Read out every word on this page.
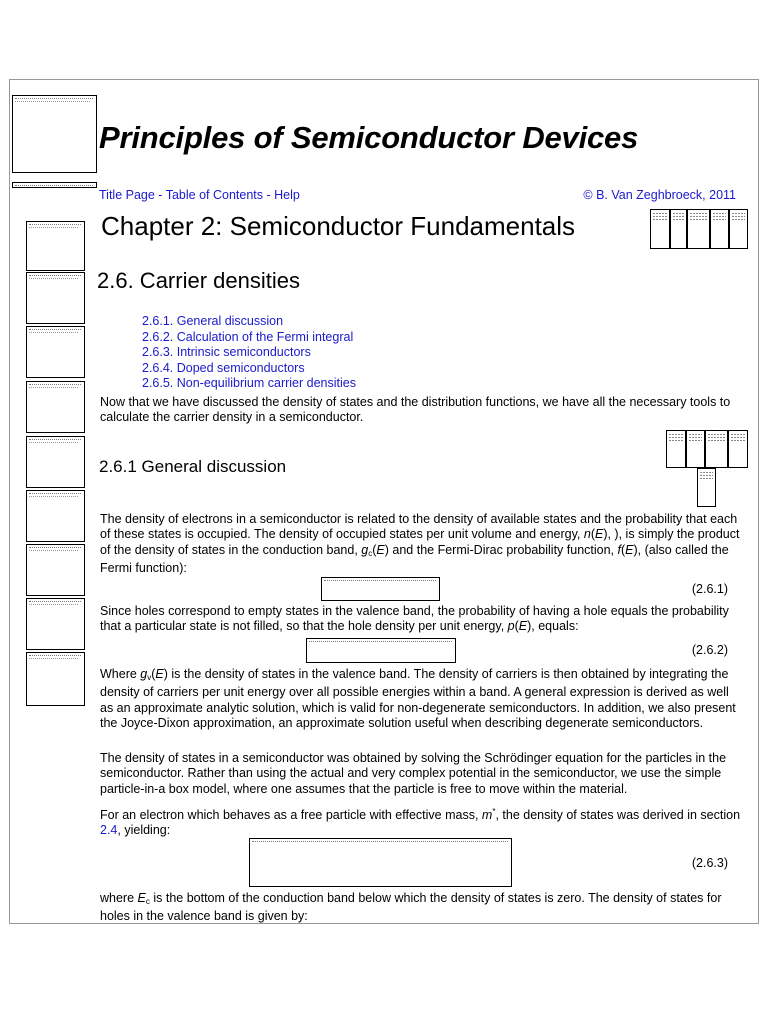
Principles of Semiconductor Devices
Title Page - Table of Contents - Help	© B. Van Zeghbroeck, 2011
Chapter 2: Semiconductor Fundamentals
2.6. Carrier densities
2.6.1. General discussion
2.6.2. Calculation of the Fermi integral
2.6.3. Intrinsic semiconductors
2.6.4. Doped semiconductors
2.6.5. Non-equilibrium carrier densities

Now that we have discussed the density of states and the distribution functions, we have all the necessary tools to calculate the carrier density in a semiconductor.

2.6.1 General discussion

The density of electrons in a semiconductor is related to the density of available states and the probability that each of these states is occupied. The density of occupied states per unit volume and energy, n(E), ), is simply the product of the density of states in the conduction band, $g_c(E)$ and the Fermi-Dirac probability function, f(E), (also called the Fermi function):

(2.6.1)

Since holes correspond to empty states in the valence band, the probability of having a hole equals the probability that a particular state is not filled, so that the hole density per unit energy, p(E), equals:

(2.6.2)

Where $g_v(E)$ is the density of states in the valence band. The density of carriers is then obtained by integrating the density of carriers per unit energy over all possible energies within a band. A general expression is derived as well as an approximate analytic solution, which is valid for non-degenerate semiconductors. In addition, we also present the Joyce-Dixon approximation, an approximate solution useful when describing degenerate semiconductors.

The density of states in a semiconductor was obtained by solving the Schrödinger equation for the particles in the semiconductor. Rather than using the actual and very complex potential in the semiconductor, we use the simple particle-in-a box model, where one assumes that the particle is free to move within the material.

For an electron which behaves as a free particle with effective mass, m*, the density of states was derived in section 2.4, yielding:

(2.6.3)

where $E_c$ is the bottom of the conduction band below which the density of states is zero. The density of states for holes in the valence band is given by:
